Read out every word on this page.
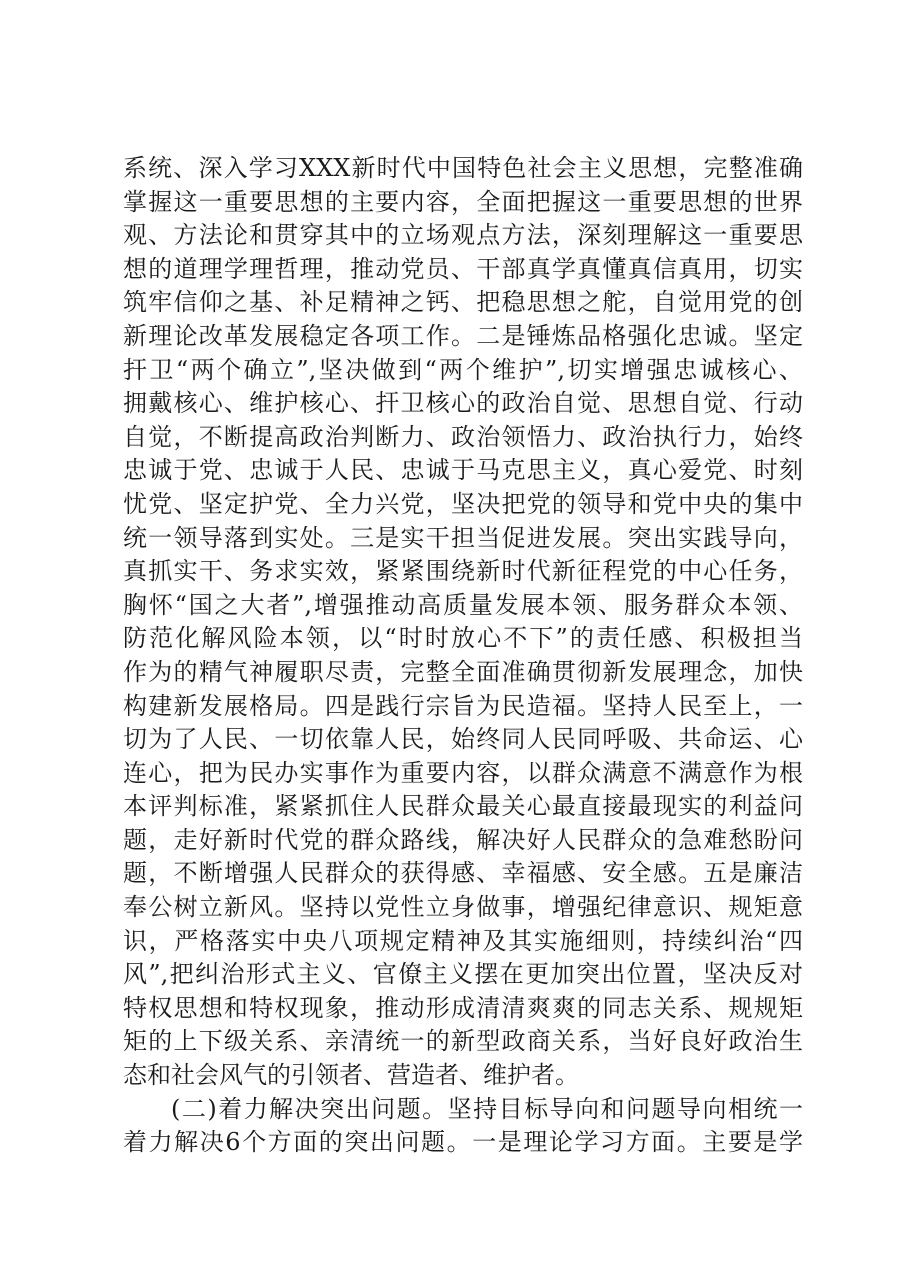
系统、深入学习XXX新时代中国特色社会主义思想，完整准确
掌握这一重要思想的主要内容，全面把握这一重要思想的世界
观、方法论和贯穿其中的立场观点方法，深刻理解这一重要思
想的道理学理哲理，推动党员、干部真学真懂真信真用，切实
筑牢信仰之基、补足精神之钙、把稳思想之舵，自觉用党的创
新理论改革发展稳定各项工作。二是锤炼品格强化忠诚。坚定
扞卫“两个确立”,坚决做到“两个维护”,切实增强忠诚核心、
拥戴核心、维护核心、扞卫核心的政治自觉、思想自觉、行动
自觉，不断提高政治判断力、政治领悟力、政治执行力，始终
忠诚于党、忠诚于人民、忠诚于马克思主义，真心爱党、时刻
忧党、坚定护党、全力兴党，坚决把党的领导和党中央的集中
统一领导落到实处。三是实干担当促进发展。突出实践导向，
真抓实干、务求实效，紧紧围绕新时代新征程党的中心任务，
胸怀“国之大者”,增强推动高质量发展本领、服务群众本领、
防范化解风险本领，以“时时放心不下”的责任感、积极担当
作为的精气神履职尽责，完整全面准确贯彻新发展理念，加快
构建新发展格局。四是践行宗旨为民造福。坚持人民至上，一
切为了人民、一切依靠人民，始终同人民同呼吸、共命运、心
连心，把为民办实事作为重要内容，以群众满意不满意作为根
本评判标准，紧紧抓住人民群众最关心最直接最现实的利益问
题，走好新时代党的群众路线，解决好人民群众的急难愁盼问
题，不断增强人民群众的获得感、幸福感、安全感。五是廉洁
奉公树立新风。坚持以党性立身做事，增强纪律意识、规矩意
识，严格落实中央八项规定精神及其实施细则，持续纠治“四
风”,把纠治形式主义、官僚主义摆在更加突出位置，坚决反对
特权思想和特权现象，推动形成清清爽爽的同志关系、规规矩
矩的上下级关系、亲清统一的新型政商关系，当好良好政治生
态和社会风气的引领者、营造者、维护者。
(二)着力解决突出问题。坚持目标导向和问题导向相统一
着力解决6个方面的突出问题。一是理论学习方面。主要是学
